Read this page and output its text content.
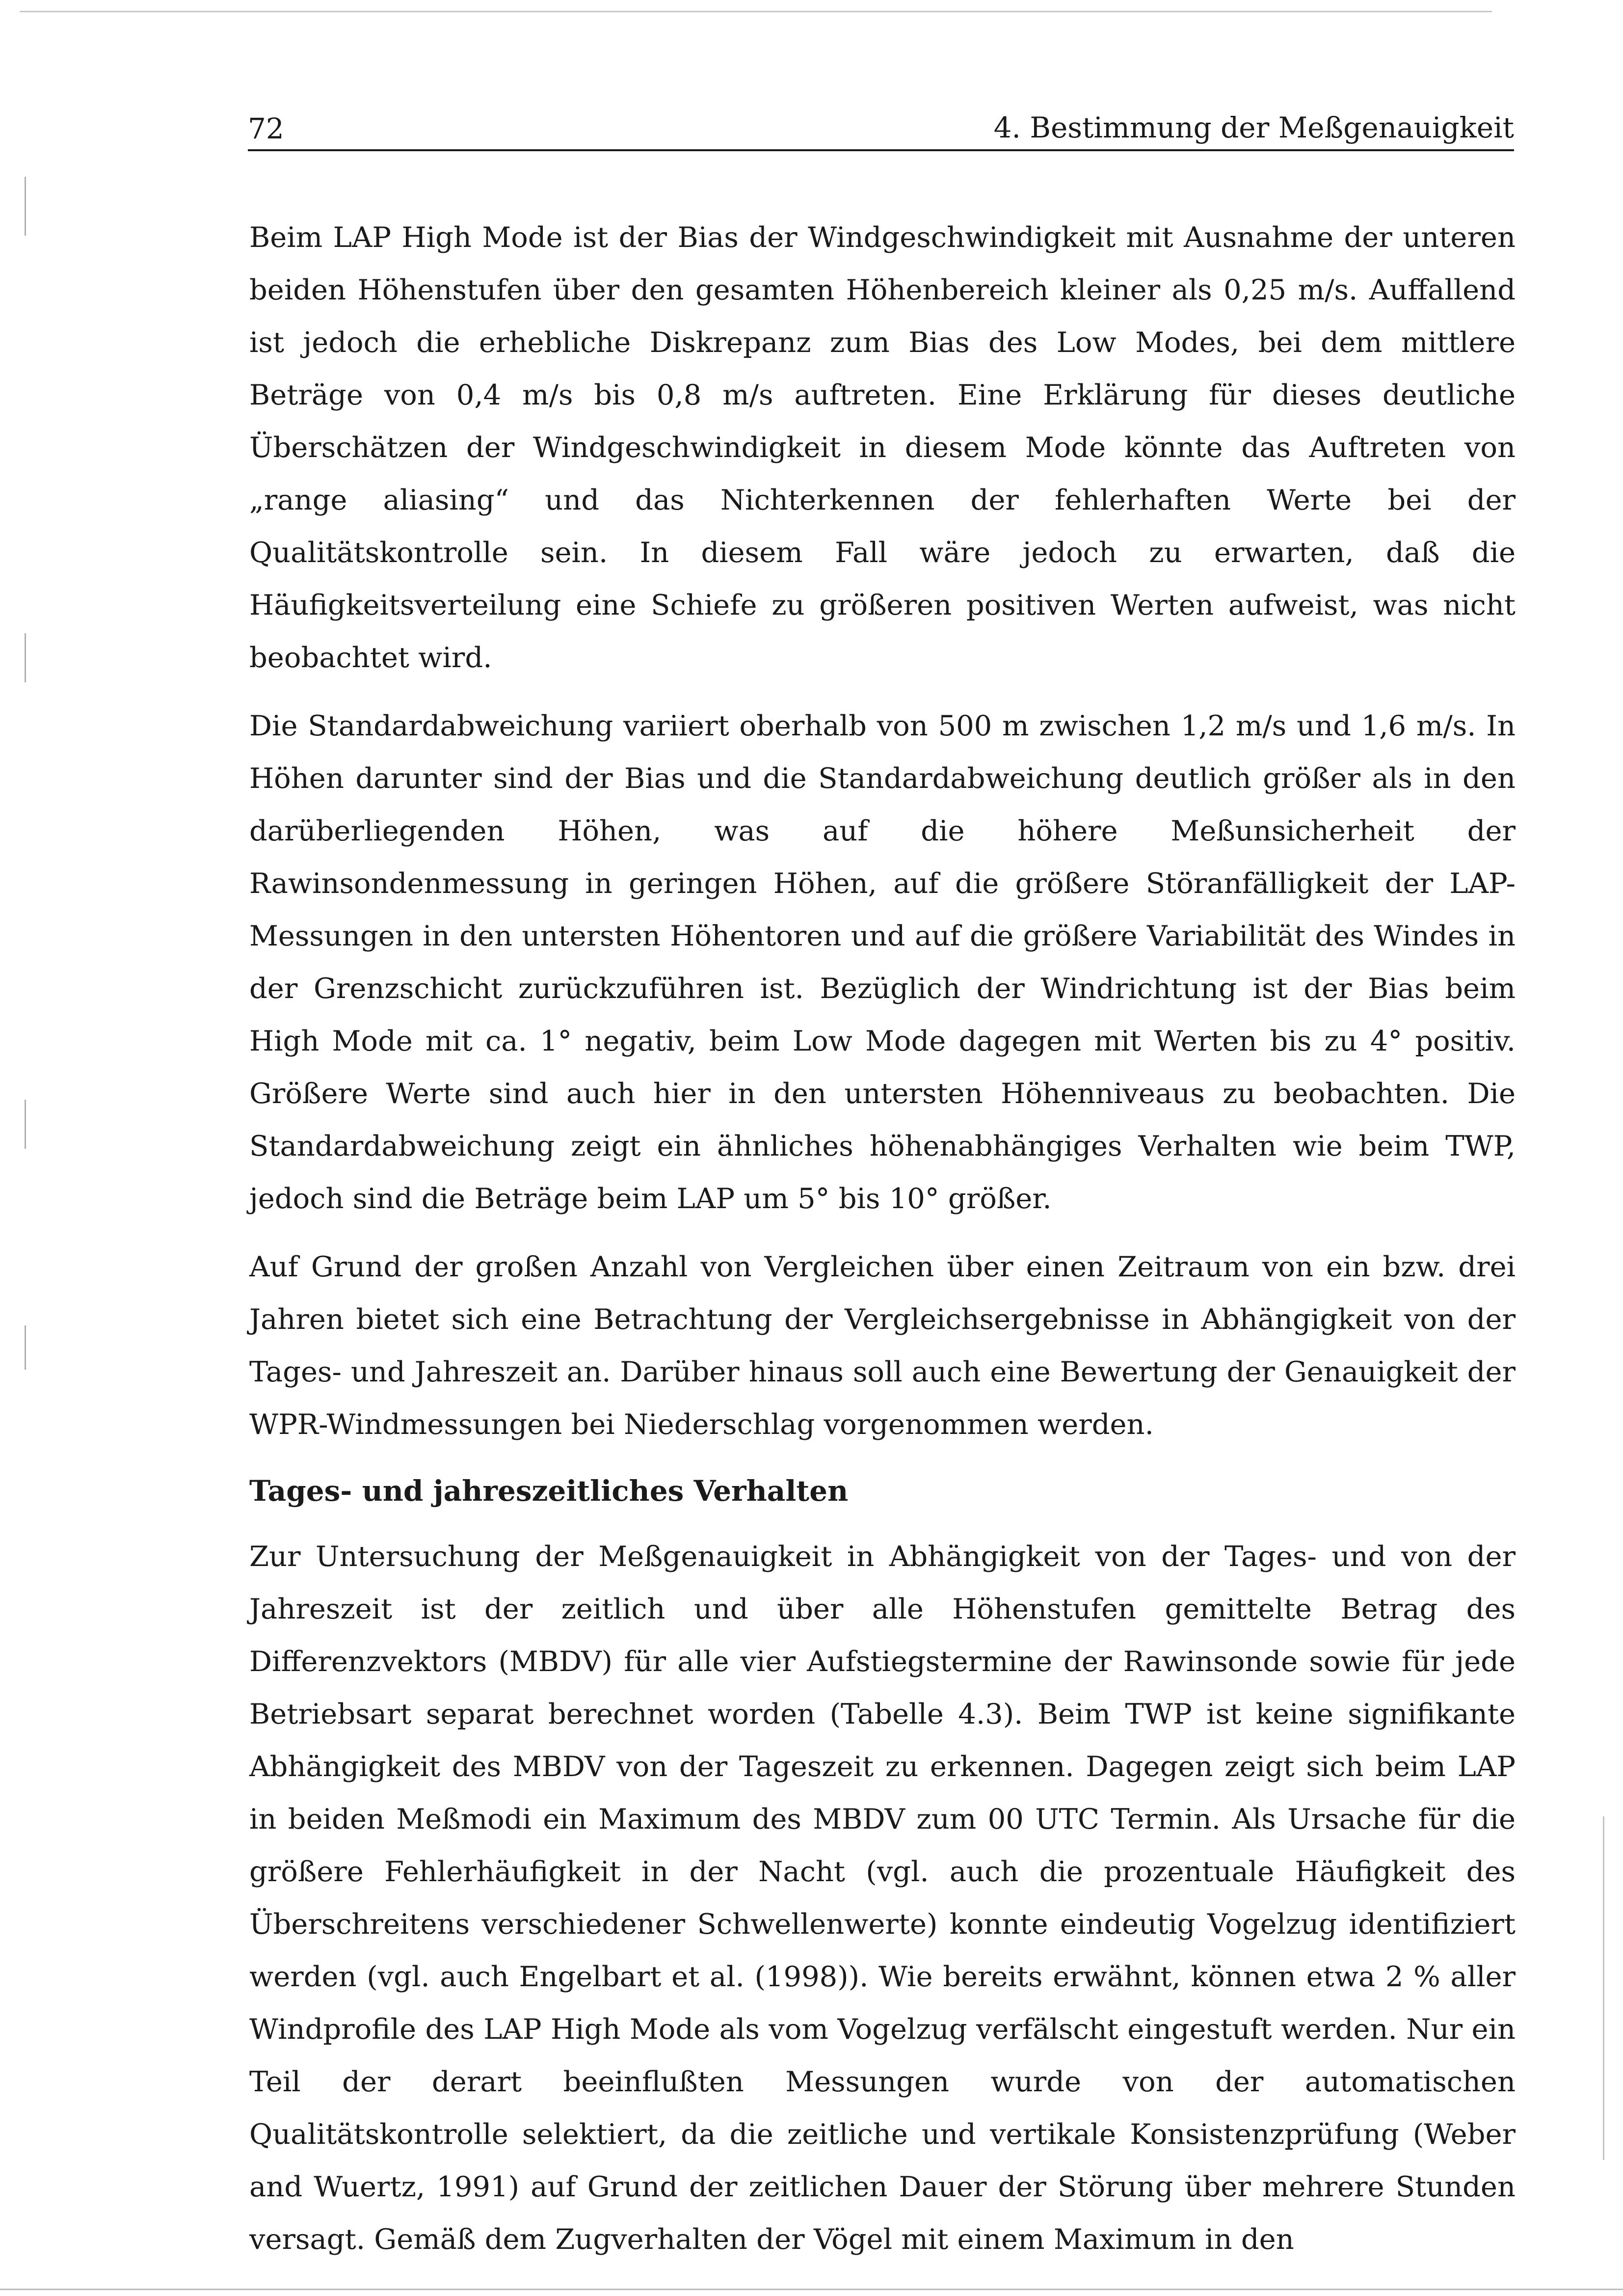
72	4. Bestimmung der Meßgenauigkeit

Beim LAP High Mode ist der Bias der Windgeschwindigkeit mit Ausnahme der unteren beiden Höhenstufen über den gesamten Höhenbereich kleiner als 0,25 m/s. Auffallend ist jedoch die erhebliche Diskrepanz zum Bias des Low Modes, bei dem mittlere Beträge von 0,4 m/s bis 0,8 m/s auftreten. Eine Erklärung für dieses deutliche Überschätzen der Windgeschwindigkeit in diesem Mode könnte das Auftreten von „range aliasing“ und das Nichterkennen der fehlerhaften Werte bei der Qualitätskontrolle sein. In diesem Fall wäre jedoch zu erwarten, daß die Häufigkeitsverteilung eine Schiefe zu größeren positiven Werten aufweist, was nicht beobachtet wird.

Die Standardabweichung variiert oberhalb von 500 m zwischen 1,2 m/s und 1,6 m/s. In Höhen darunter sind der Bias und die Standardabweichung deutlich größer als in den darüberliegenden Höhen, was auf die höhere Meßunsicherheit der Rawinsondenmessung in geringen Höhen, auf die größere Störanfälligkeit der LAP-Messungen in den untersten Höhentoren und auf die größere Variabilität des Windes in der Grenzschicht zurückzuführen ist. Bezüglich der Windrichtung ist der Bias beim High Mode mit ca. 1° negativ, beim Low Mode dagegen mit Werten bis zu 4° positiv. Größere Werte sind auch hier in den untersten Höhenniveaus zu beobachten. Die Standardabweichung zeigt ein ähnliches höhenabhängiges Verhalten wie beim TWP, jedoch sind die Beträge beim LAP um 5° bis 10° größer.

Auf Grund der großen Anzahl von Vergleichen über einen Zeitraum von ein bzw. drei Jahren bietet sich eine Betrachtung der Vergleichsergebnisse in Abhängigkeit von der Tages- und Jahreszeit an. Darüber hinaus soll auch eine Bewertung der Genauigkeit der WPR-Windmessungen bei Niederschlag vorgenommen werden.

Tages- und jahreszeitliches Verhalten

Zur Untersuchung der Meßgenauigkeit in Abhängigkeit von der Tages- und von der Jahreszeit ist der zeitlich und über alle Höhenstufen gemittelte Betrag des Differenzvektors (MBDV) für alle vier Aufstiegstermine der Rawinsonde sowie für jede Betriebsart separat berechnet worden (Tabelle 4.3). Beim TWP ist keine signifikante Abhängigkeit des MBDV von der Tageszeit zu erkennen. Dagegen zeigt sich beim LAP in beiden Meßmodi ein Maximum des MBDV zum 00 UTC Termin. Als Ursache für die größere Fehlerhäufigkeit in der Nacht (vgl. auch die prozentuale Häufigkeit des Überschreitens verschiedener Schwellenwerte) konnte eindeutig Vogelzug identifiziert werden (vgl. auch Engelbart et al. (1998)). Wie bereits erwähnt, können etwa 2 % aller Windprofile des LAP High Mode als vom Vogelzug verfälscht eingestuft werden. Nur ein Teil der derart beeinflußten Messungen wurde von der automatischen Qualitätskontrolle selektiert, da die zeitliche und vertikale Konsistenzprüfung (Weber and Wuertz, 1991) auf Grund der zeitlichen Dauer der Störung über mehrere Stunden versagt. Gemäß dem Zugverhalten der Vögel mit einem Maximum in den
